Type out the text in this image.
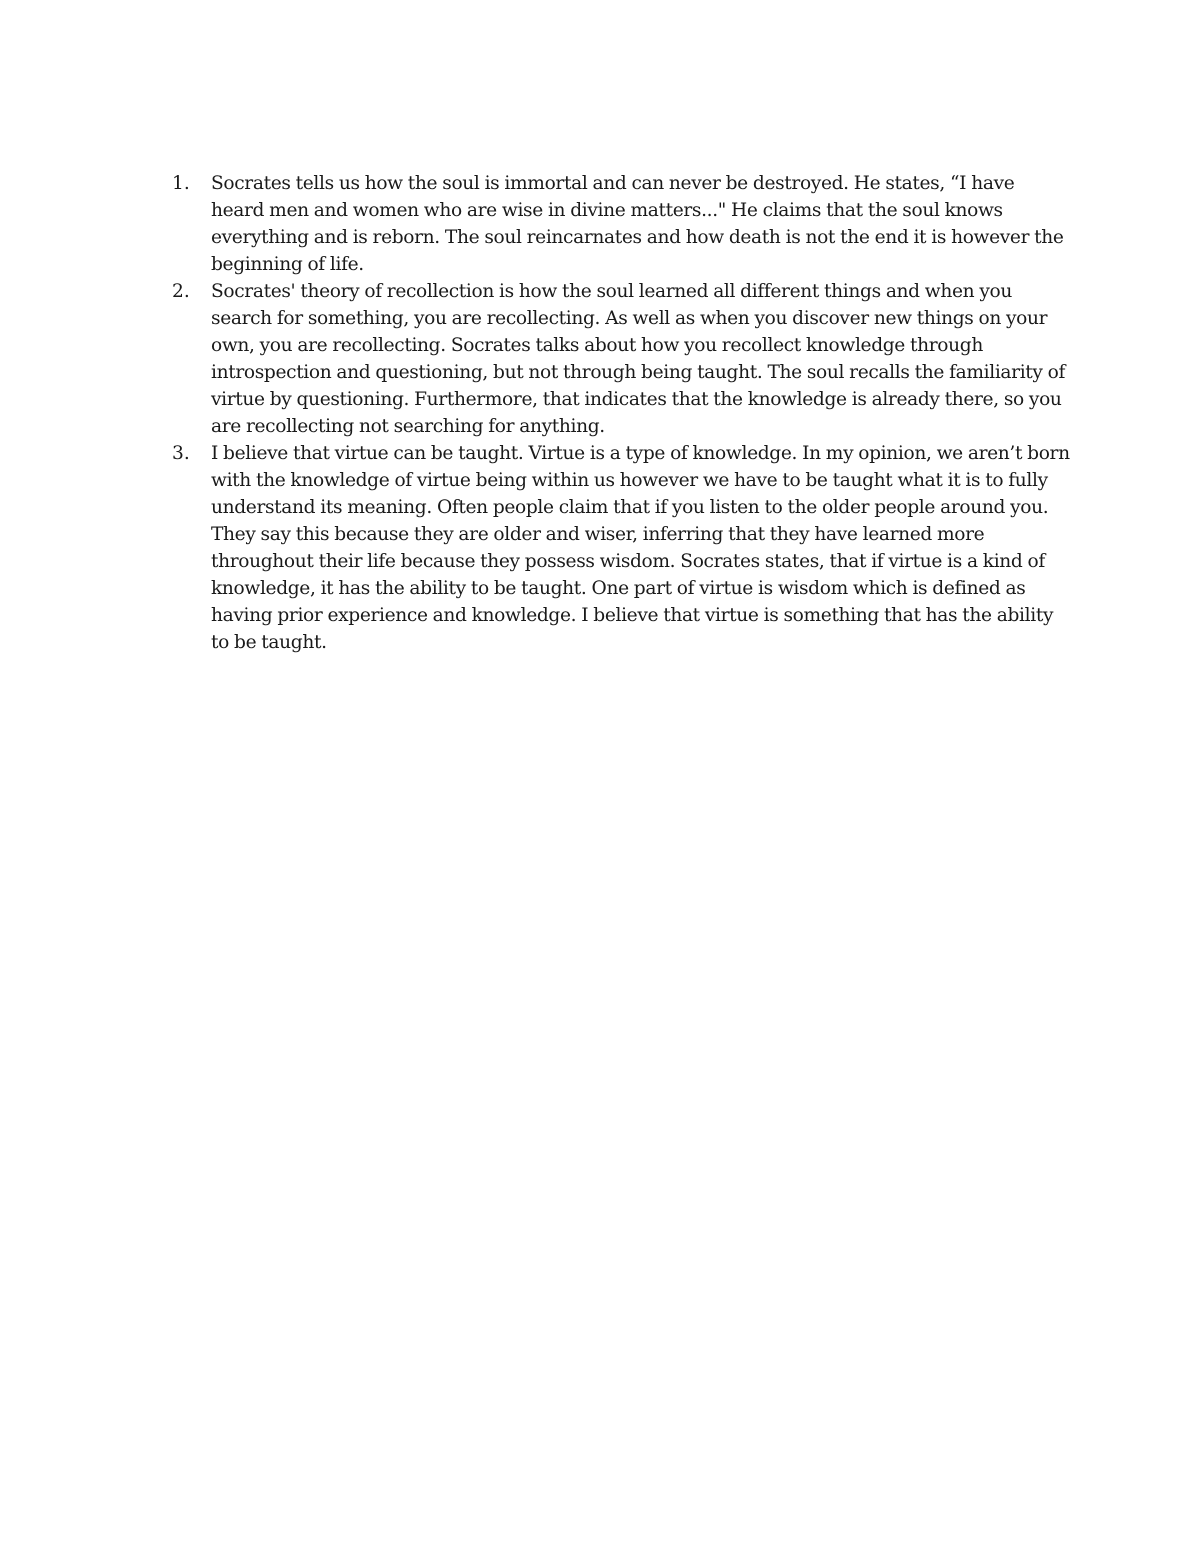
1.	Socrates tells us how the soul is immortal and can never be destroyed. He states, “I have heard men and women who are wise in divine matters..." He claims that the soul knows everything and is reborn. The soul reincarnates and how death is not the end it is however the beginning of life.

2.	Socrates' theory of recollection is how the soul learned all different things and when you search for something, you are recollecting. As well as when you discover new things on your own, you are recollecting. Socrates talks about how you recollect knowledge through introspection and questioning, but not through being taught. The soul recalls the familiarity of virtue by questioning. Furthermore, that indicates that the knowledge is already there, so you are recollecting not searching for anything.

3.	I believe that virtue can be taught. Virtue is a type of knowledge. In my opinion, we aren’t born with the knowledge of virtue being within us however we have to be taught what it is to fully understand its meaning. Often people claim that if you listen to the older people around you. They say this because they are older and wiser, inferring that they have learned more throughout their life because they possess wisdom. Socrates states, that if virtue is a kind of knowledge, it has the ability to be taught. One part of virtue is wisdom which is defined as having prior experience and knowledge. I believe that virtue is something that has the ability to be taught.
